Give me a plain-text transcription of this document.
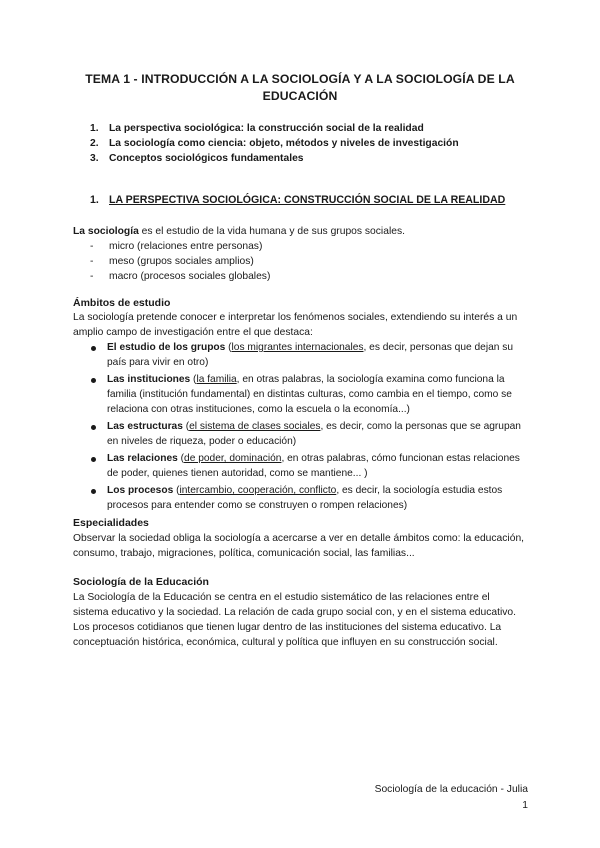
TEMA 1 - INTRODUCCIÓN A LA SOCIOLOGÍA Y A LA SOCIOLOGÍA DE LA EDUCACIÓN
1. La perspectiva sociológica: la construcción social de la realidad
2. La sociología como ciencia: objeto, métodos y niveles de investigación
3. Conceptos sociológicos fundamentales
1. LA PERSPECTIVA SOCIOLÓGICA: CONSTRUCCIÓN SOCIAL DE LA REALIDAD
La sociología es el estudio de la vida humana y de sus grupos sociales.
- micro (relaciones entre personas)
- meso (grupos sociales amplios)
- macro (procesos sociales globales)
Ámbitos de estudio
La sociología pretende conocer e interpretar los fenómenos sociales, extendiendo su interés a un amplio campo de investigación entre el que destaca:
El estudio de los grupos (los migrantes internacionales, es decir, personas que dejan su país para vivir en otro)
Las instituciones (la familia, en otras palabras, la sociología examina como funciona la familia (institución fundamental) en distintas culturas, como cambia en el tiempo, como se relaciona con otras instituciones, como la escuela o la economía...)
Las estructuras (el sistema de clases sociales, es decir, como la personas que se agrupan en niveles de riqueza, poder o educación)
Las relaciones (de poder, dominación, en otras palabras, cómo funcionan estas relaciones de poder, quienes tienen autoridad, como se mantiene... )
Los procesos (intercambio, cooperación, conflicto, es decir, la sociología estudia estos procesos para entender como se construyen o rompen relaciones)
Especialidades
Observar la sociedad obliga la sociología a acercarse a ver en detalle ámbitos como: la educación, consumo, trabajo, migraciones, política, comunicación social, las familias...
Sociología de la Educación
La Sociología de la Educación se centra en el estudio sistemático de las relaciones entre el sistema educativo y la sociedad. La relación de cada grupo social con, y en el sistema educativo. Los procesos cotidianos que tienen lugar dentro de las instituciones del sistema educativo. La conceptuación histórica, económica, cultural y política que influyen en su construcción social.
Sociología de la educación - Julia
1
